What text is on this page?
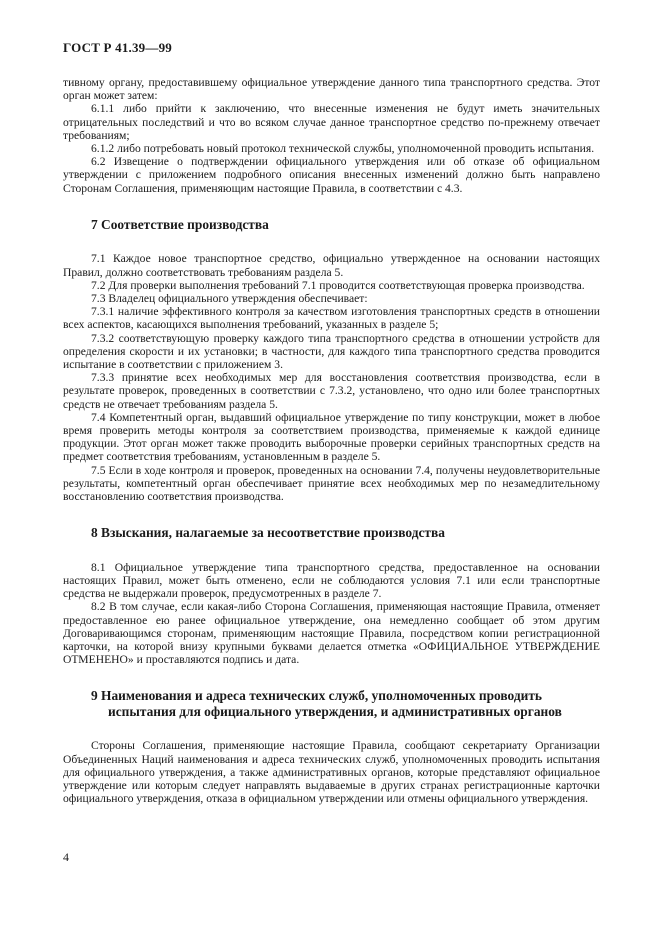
ГОСТ Р 41.39—99

тивному органу, предоставившему официальное утверждение данного типа транспортного средства. Этот орган может затем:

6.1.1 либо прийти к заключению, что внесенные изменения не будут иметь значительных отрицательных последствий и что во всяком случае данное транспортное средство по-прежнему отвечает требованиям;

6.1.2 либо потребовать новый протокол технической службы, уполномоченной проводить испытания.

6.2 Извещение о подтверждении официального утверждения или об отказе об официальном утверждении с приложением подробного описания внесенных изменений должно быть направлено Сторонам Соглашения, применяющим настоящие Правила, в соответствии с 4.3.

7 Соответствие производства

7.1 Каждое новое транспортное средство, официально утвержденное на основании настоящих Правил, должно соответствовать требованиям раздела 5.

7.2 Для проверки выполнения требований 7.1 проводится соответствующая проверка производства.

7.3 Владелец официального утверждения обеспечивает:

7.3.1 наличие эффективного контроля за качеством изготовления транспортных средств в отношении всех аспектов, касающихся выполнения требований, указанных в разделе 5;

7.3.2 соответствующую проверку каждого типа транспортного средства в отношении устройств для определения скорости и их установки; в частности, для каждого типа транспортного средства проводится испытание в соответствии с приложением 3.

7.3.3 принятие всех необходимых мер для восстановления соответствия производства, если в результате проверок, проведенных в соответствии с 7.3.2, установлено, что одно или более транспортных средств не отвечает требованиям раздела 5.

7.4 Компетентный орган, выдавший официальное утверждение по типу конструкции, может в любое время проверить методы контроля за соответствием производства, применяемые к каждой единице продукции. Этот орган может также проводить выборочные проверки серийных транспортных средств на предмет соответствия требованиям, установленным в разделе 5.

7.5 Если в ходе контроля и проверок, проведенных на основании 7.4, получены неудовлетворительные результаты, компетентный орган обеспечивает принятие всех необходимых мер по незамедлительному восстановлению соответствия производства.

8 Взыскания, налагаемые за несоответствие производства

8.1 Официальное утверждение типа транспортного средства, предоставленное на основании настоящих Правил, может быть отменено, если не соблюдаются условия 7.1 или если транспортные средства не выдержали проверок, предусмотренных в разделе 7.

8.2 В том случае, если какая-либо Сторона Соглашения, применяющая настоящие Правила, отменяет предоставленное ею ранее официальное утверждение, она немедленно сообщает об этом другим Договаривающимся сторонам, применяющим настоящие Правила, посредством копии регистрационной карточки, на которой внизу крупными буквами делается отметка «ОФИЦИАЛЬНОЕ УТВЕРЖДЕНИЕ ОТМЕНЕНО» и проставляются подпись и дата.

9 Наименования и адреса технических служб, уполномоченных проводить испытания для официального утверждения, и административных органов

Стороны Соглашения, применяющие настоящие Правила, сообщают секретариату Организации Объединенных Наций наименования и адреса технических служб, уполномоченных проводить испытания для официального утверждения, а также административных органов, которые представляют официальное утверждение или которым следует направлять выдаваемые в других странах регистрационные карточки официального утверждения, отказа в официальном утверждении или отмены официального утверждения.

4
